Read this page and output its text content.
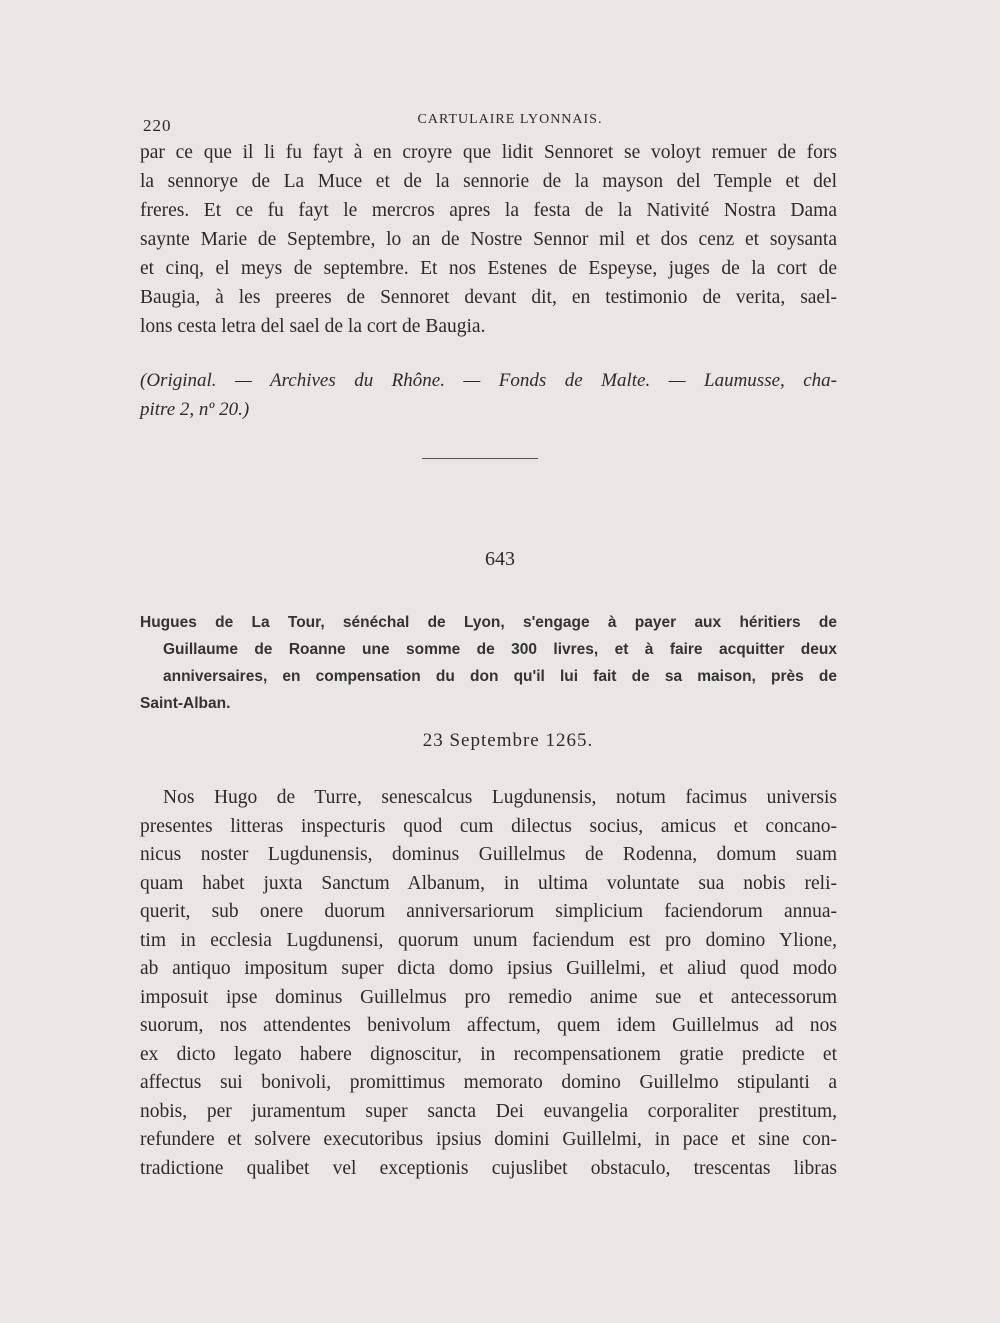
220	CARTULAIRE LYONNAIS.
par ce que il li fu fayt à en croyre que lidit Sennoret se voloyt remuer de fors
la sennorye de La Muce et de la sennorie de la mayson del Temple et del
freres. Et ce fu fayt le mercros apres la festa de la Nativité Nostra Dama
saynte Marie de Septembre, lo an de Nostre Sennor mil et dos cenz et soysanta
et cinq, el meys de septembre. Et nos Estenes de Espeyse, juges de la cort de
Baugia, à les preeres de Sennoret devant dit, en testimonio de verita, sael-
lons cesta letra del sael de la cort de Baugia.
(Original. — Archives du Rhône. — Fonds de Malte. — Laumusse, cha-
pitre 2, nº 20.)
643
Hugues de La Tour, sénéchal de Lyon, s'engage à payer aux héritiers de
Guillaume de Roanne une somme de 300 livres, et à faire acquitter deux
anniversaires, en compensation du don qu'il lui fait de sa maison, près de
Saint-Alban.
23 Septembre 1265.
Nos Hugo de Turre, senescalcus Lugdunensis, notum facimus universis
presentes litteras inspecturis quod cum dilectus socius, amicus et concano-
nicus noster Lugdunensis, dominus Guillelmus de Rodenna, domum suam
quam habet juxta Sanctum Albanum, in ultima voluntate sua nobis reli-
querit, sub onere duorum anniversariorum simplicium faciendorum annua-
tim in ecclesia Lugdunensi, quorum unum faciendum est pro domino Ylione,
ab antiquo impositum super dicta domo ipsius Guillelmi, et aliud quod modo
imposuit ipse dominus Guillelmus pro remedio anime sue et antecessorum
suorum, nos attendentes benivolum affectum, quem idem Guillelmus ad nos
ex dicto legato habere dignoscitur, in recompensationem gratie predicte et
affectus sui bonivoli, promittimus memorato domino Guillelmo stipulanti a
nobis, per juramentum super sancta Dei euvangelia corporaliter prestitum,
refundere et solvere executoribus ipsius domini Guillelmi, in pace et sine con-
tradictione qualibet vel exceptionis cujuslibet obstaculo, trescentas libras
